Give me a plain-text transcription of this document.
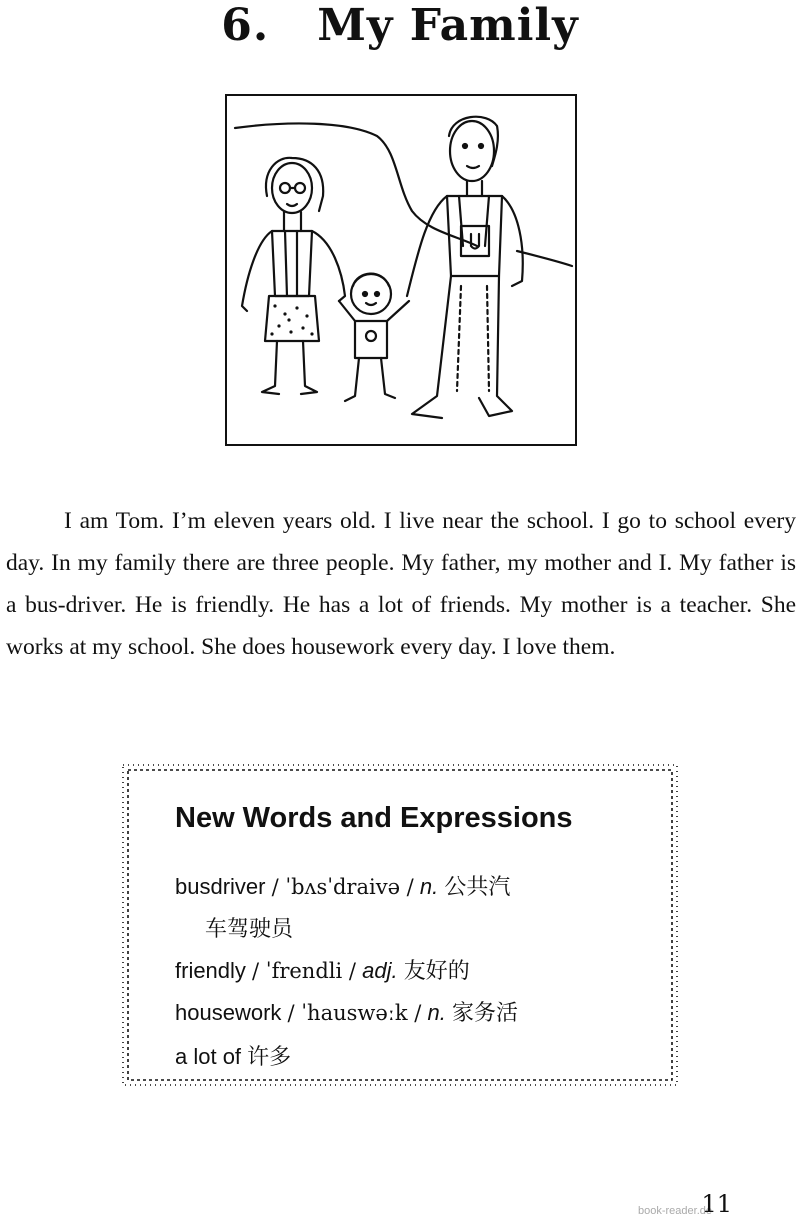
6. My Family

I am Tom. I’m eleven years old. I live near the school. I go to school every day. In my family there are three people. My father, my mother and I. My father is a bus-driver. He is friendly. He has a lot of friends. My mother is a teacher. She works at my school. She does housework every day. I love them.

New Words and Expressions
busdriver / ˈbʌsˈdraivə / n. 公共汽
车驾驶员
friendly / ˈfrendli / adj. 友好的
housework / ˈhauswəːk / n. 家务活
a lot of 许多
book-reader.de
11
